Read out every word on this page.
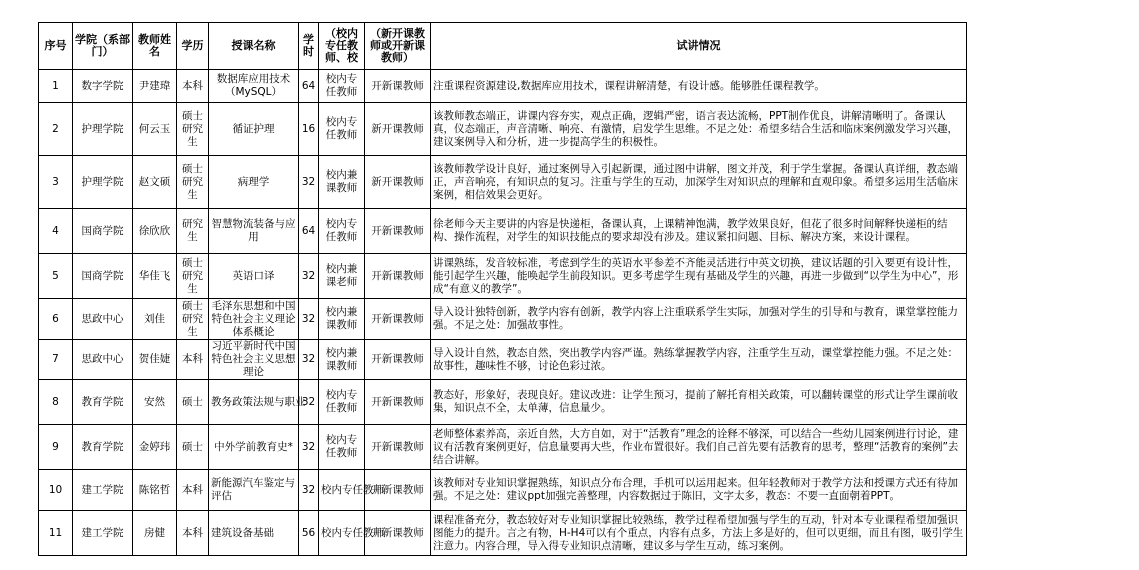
序号	学院（系部门）	教师姓名	学历	授课名称	学时	（校内专任教师、校	（新开课教师或开新课教师）	试讲情况
1	数字学院	尹建瑋	本科	数据库应用技术（MySQL）	64	校内专任教师	开新课教师	注重课程资源建设,数据库应用技术，课程讲解清楚，有设计感。能够胜任课程教学。
2	护理学院	何云玉	硕士研究生	循证护理	16	校内专任教师	新开课教师	该教师教态端正，讲课内容夯实，观点正确，逻辑严密，语言表达流畅，PPT制作优良，讲解清晰明了。备课认真，仪态端正，声音清晰、响亮、有激情，启发学生思维。不足之处：希望多结合生活和临床案例激发学习兴趣，建议案例导入和分析，进一步提高学生的积极性。
3	护理学院	赵文硕	硕士研究生	病理学	32	校内兼课教师	新开课教师	该教师教学设计良好，通过案例导入引起新课，通过图中讲解，图文并茂，利于学生掌握。备课认真详细，教态端正，声音响亮，有知识点的复习。注重与学生的互动，加深学生对知识点的理解和直观印象。希望多运用生活临床案例，相信效果会更好。
4	国商学院	徐欣欣	研究生	智慧物流装备与应用	64	校内专任教师	开新课教师	徐老师今天主要讲的内容是快递柜，备课认真，上课精神饱满，教学效果良好，但花了很多时间解释快递柜的结构、操作流程，对学生的知识技能点的要求却没有涉及。建议紧扣问题、目标、解决方案，来设计课程。
5	国商学院	华佳飞	硕士研究生	英语口译	32	校内兼课老师	开新课教师	讲课熟练，发音较标准，考虑到学生的英语水平参差不齐能灵活进行中英文切换，建议话题的引入要更有设计性，能引起学生兴趣，能唤起学生前段知识。更多考虑学生现有基础及学生的兴趣，再进一步做到“以学生为中心”，形成“有意义的教学”。
6	思政中心	刘佳	硕士研究生	毛泽东思想和中国特色社会主义理论体系概论	32	校内兼课教师	开新课教师	导入设计独特创新，教学内容有创新，教学内容上注重联系学生实际，加强对学生的引导和与教育，课堂掌控能力强。不足之处：加强故事性。
7	思政中心	贺佳婕	本科	习近平新时代中国特色社会主义思想理论	32	校内兼课教师	开新课教师	导入设计自然，教态自然，突出教学内容严谨。熟练掌握教学内容，注重学生互动，课堂掌控能力强。不足之处：故事性，趣味性不够，讨论色彩过浓。
8	教育学院	安然	硕士	教务政策法规与职业	32	校内专任教师	开新课教师	教态好，形象好，表现良好。建议改进：让学生预习，提前了解托育相关政策，可以翻转课堂的形式让学生课前收集，知识点不全，太单薄，信息量少。
9	教育学院	金婷玮	硕士	中外学前教育史*	32	校内专任教师	开新课教师	老师整体素养高，亲近自然，大方自如，对于“活教育”理念的诠释不够深，可以结合一些幼儿园案例进行讨论，建议有活教育案例更好，信息量要再大些，作业布置很好。我们自己首先要有活教育的思考，整理“活教育的案例”去结合讲解。
10	建工学院	陈铭哲	本科	新能源汽车鉴定与评估	32	校内专任教师	开新课教师	该教师对专业知识掌握熟练，知识点分布合理，手机可以运用起来。但年轻教师对于教学方法和授课方式还有待加强。不足之处：建议ppt加强完善整理，内容数据过于陈旧，文字太多，教态：不要一直面朝着PPT。
11	建工学院	房健	本科	建筑设备基础	56	校内专任教师	开新课教师	课程准备充分，教态较好对专业知识掌握比较熟练，教学过程希望加强与学生的互动，针对本专业课程希望加强识图能力的提升。言之有物，H-H4可以有个重点，内容有点多，方法上多是好的，但可以更细，而且有图，吸引学生注意力。内容合理，导入得专业知识点清晰，建议多与学生互动，练习案例。
